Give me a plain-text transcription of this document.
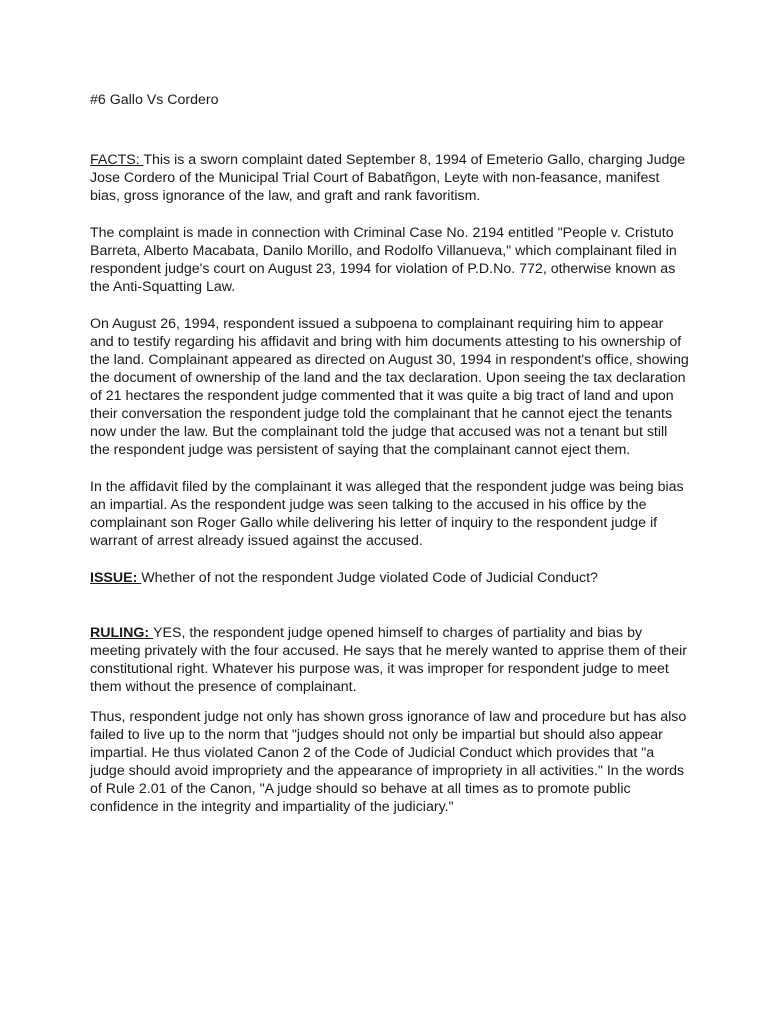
#6 Gallo Vs Cordero

FACTS: This is a sworn complaint dated September 8, 1994 of Emeterio Gallo, charging Judge Jose Cordero of the Municipal Trial Court of Babatñgon, Leyte with non-feasance, manifest bias, gross ignorance of the law, and graft and rank favoritism.

The complaint is made in connection with Criminal Case No. 2194 entitled "People v. Cristuto Barreta, Alberto Macabata, Danilo Morillo, and Rodolfo Villanueva," which complainant filed in respondent judge's court on August 23, 1994 for violation of P.D.No. 772, otherwise known as the Anti-Squatting Law.

On August 26, 1994, respondent issued a subpoena to complainant requiring him to appear and to testify regarding his affidavit and bring with him documents attesting to his ownership of the land. Complainant appeared as directed on August 30, 1994 in respondent's office, showing the document of ownership of the land and the tax declaration. Upon seeing the tax declaration of 21 hectares the respondent judge commented that it was quite a big tract of land and upon their conversation the respondent judge told the complainant that he cannot eject the tenants now under the law. But the complainant told the judge that accused was not a tenant but still the respondent judge was persistent of saying that the complainant cannot eject them.

In the affidavit filed by the complainant it was alleged that the respondent judge was being bias an impartial. As the respondent judge was seen talking to the accused in his office by the complainant son Roger Gallo while delivering his letter of inquiry to the respondent judge if warrant of arrest already issued against the accused.

ISSUE: Whether of not the respondent Judge violated Code of Judicial Conduct?

RULING: YES, the respondent judge opened himself to charges of partiality and bias by meeting privately with the four accused. He says that he merely wanted to apprise them of their constitutional right. Whatever his purpose was, it was improper for respondent judge to meet them without the presence of complainant.

Thus, respondent judge not only has shown gross ignorance of law and procedure but has also failed to live up to the norm that "judges should not only be impartial but should also appear impartial. He thus violated Canon 2 of the Code of Judicial Conduct which provides that "a judge should avoid impropriety and the appearance of impropriety in all activities." In the words of Rule 2.01 of the Canon, "A judge should so behave at all times as to promote public confidence in the integrity and impartiality of the judiciary."
